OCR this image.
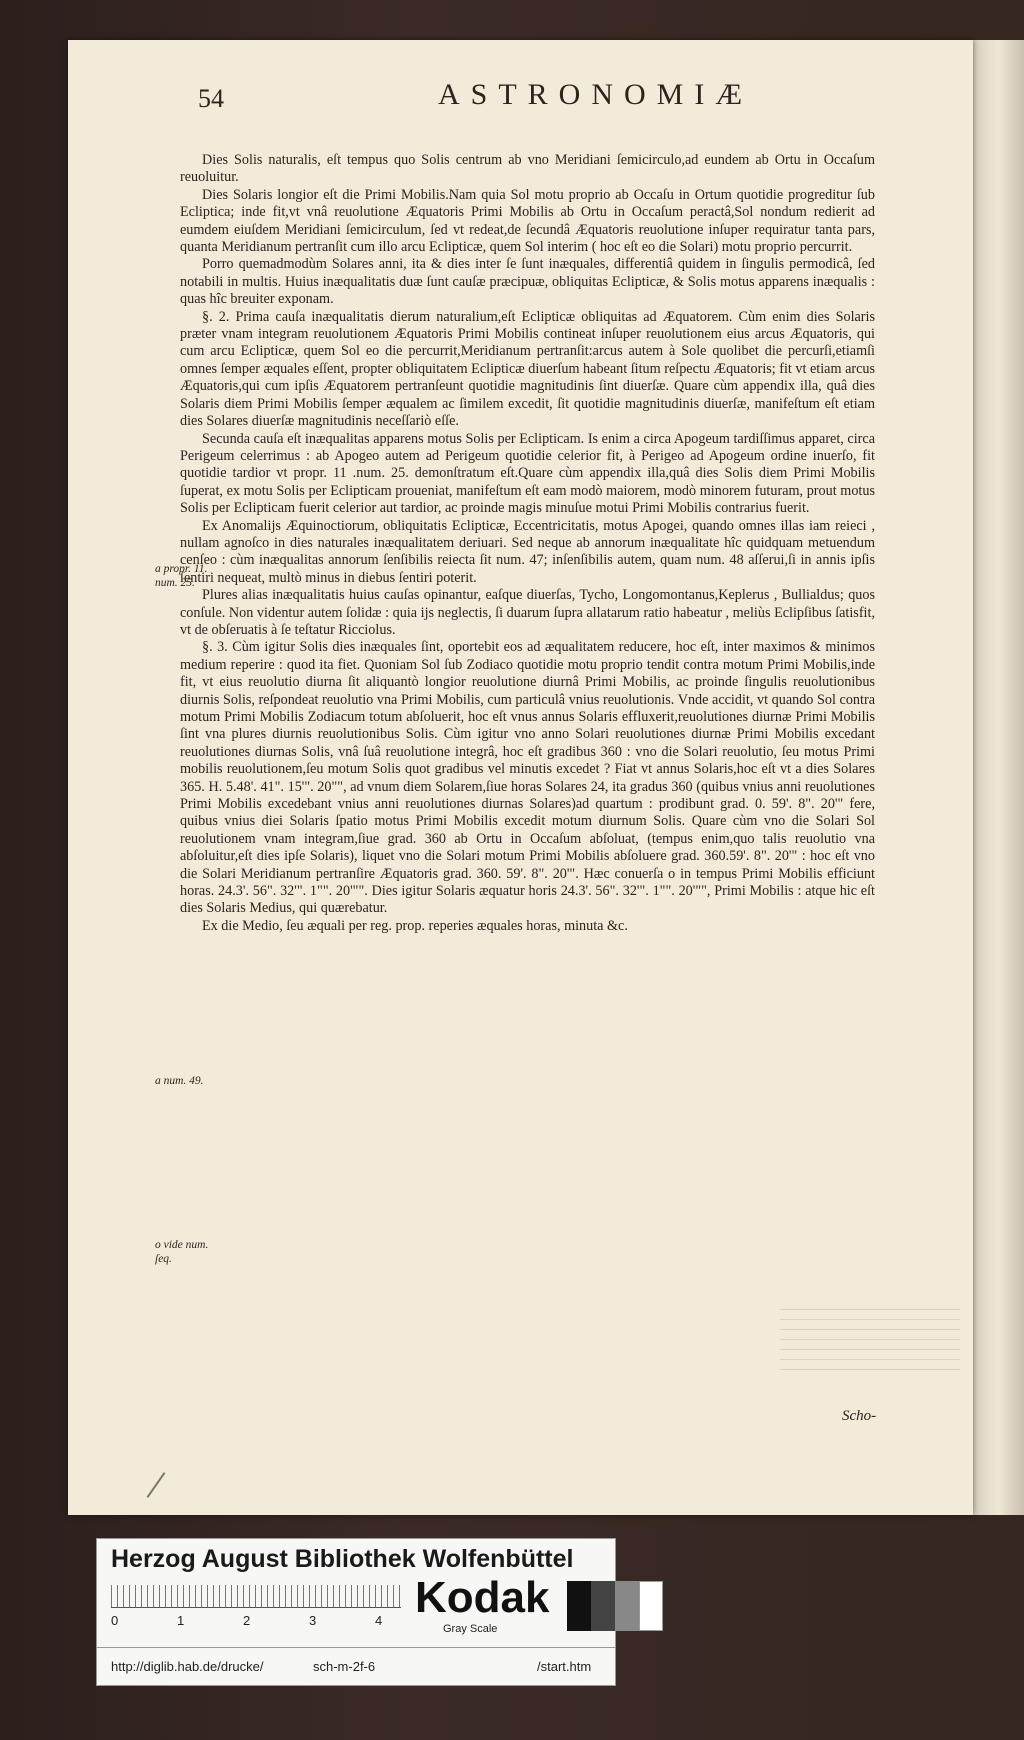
54	ASTRONOMIÆ

Dies Solis naturalis, eſt tempus quo Solis centrum ab vno Meridiani ſemicirculo,ad eundem ab Ortu in Occaſum reuoluitur.

Dies Solaris longior eſt die Primi Mobilis.Nam quia Sol motu proprio ab Occaſu in Ortum quotidie progreditur ſub Ecliptica; inde fit,vt vnâ reuolutione Æquatoris Primi Mobilis ab Ortu in Occaſum peractâ,Sol nondum redierit ad eumdem eiuſdem Meridiani ſemicirculum, ſed vt redeat,de ſecundâ Æquatoris reuolutione inſuper requiratur tanta pars, quanta Meridianum pertranſit cum illo arcu Eclipticæ, quem Sol interim ( hoc eſt eo die Solari) motu proprio percurrit.

Porro quemadmodùm Solares anni, ita & dies inter ſe ſunt inæquales, differentiâ quidem in ſingulis permodicâ, ſed notabili in multis. Huius inæqualitatis duæ ſunt cauſæ præcipuæ, obliquitas Eclipticæ, & Solis motus apparens inæqualis : quas hîc breuiter exponam.

§. 2. Prima cauſa inæqualitatis dierum naturalium,eſt Eclipticæ obliquitas ad Æquatorem. Cùm enim dies Solaris præter vnam integram reuolutionem Æquatoris Primi Mobilis contineat inſuper reuolutionem eius arcus Æquatoris, qui cum arcu Eclipticæ, quem Sol eo die percurrit,Meridianum pertranſit:arcus autem à Sole quolibet die percurſi,etiamſi omnes ſemper æquales eſſent, propter obliquitatem Eclipticæ diuerſum habeant ſitum reſpectu Æquatoris; fit vt etiam arcus Æquatoris,qui cum ipſis Æquatorem pertranſeunt quotidie magnitudinis ſint diuerſæ. Quare cùm appendix illa, quâ dies Solaris diem Primi Mobilis ſemper æqualem ac ſimilem excedit, ſit quotidie magnitudinis diuerſæ, manifeſtum eſt etiam dies Solares diuerſæ magnitudinis neceſſariò eſſe.

Secunda cauſa eſt inæqualitas apparens motus Solis per Eclipticam. Is enim a circa Apogeum tardiſſimus apparet, circa Perigeum celerrimus : ab Apogeo autem ad Perigeum quotidie celerior fit, à Perigeo ad Apogeum ordine inuerſo, fit quotidie tardior vt propr. 11 .num. 25. demonſtratum eſt.Quare cùm appendix illa,quâ dies Solis diem Primi Mobilis ſuperat, ex motu Solis per Eclipticam proueniat, manifeſtum eſt eam modò maiorem, modò minorem futuram, prout motus Solis per Eclipticam fuerit celerior aut tardior, ac proinde magis minuſue motui Primi Mobilis contrarius fuerit.

Ex Anomalijs Æquinoctiorum, obliquitatis Eclipticæ, Eccentricitatis, motus Apogei, quando omnes illas iam reieci , nullam agnoſco in dies naturales inæqualitatem deriuari. Sed neque ab annorum inæqualitate hîc quidquam metuendum cenſeo : cùm inæqualitas annorum ſenſibilis reiecta ſit num. 47; inſenſibilis autem, quam num. 48 aſſerui,ſi in annis ipſis ſentiri nequeat, multò minus in diebus ſentiri poterit.

Plures alias inæqualitatis huius cauſas opinantur, eaſque diuerſas, Tycho, Longomontanus,Keplerus , Bullialdus; quos conſule. Non videntur autem ſolidæ : quia ijs neglectis, ſi duarum ſupra allatarum ratio habeatur , meliùs Eclipſibus ſatisfit, vt de obſeruatis à ſe teſtatur Ricciolus.

§. 3. Cùm igitur Solis dies inæquales ſint, oportebit eos ad æqualitatem reducere, hoc eſt, inter maximos & minimos medium reperire : quod ita fiet. Quoniam Sol ſub Zodiaco quotidie motu proprio tendit contra motum Primi Mobilis,inde fit, vt eius reuolutio diurna ſit aliquantò longior reuolutione diurnâ Primi Mobilis, ac proinde ſingulis reuolutionibus diurnis Solis, reſpondeat reuolutio vna Primi Mobilis, cum particulâ vnius reuolutionis. Vnde accidit, vt quando Sol contra motum Primi Mobilis Zodiacum totum abſoluerit, hoc eſt vnus annus Solaris effluxerit,reuolutiones diurnæ Primi Mobilis ſint vna plures diurnis reuolutionibus Solis. Cùm igitur vno anno Solari reuolutiones diurnæ Primi Mobilis excedant reuolutiones diurnas Solis, vnâ ſuâ reuolutione integrâ, hoc eſt gradibus 360 : vno die Solari reuolutio, ſeu motus Primi mobilis reuolutionem,ſeu motum Solis quot gradibus vel minutis excedet ? Fiat vt annus Solaris,hoc eſt vt a dies Solares 365. H. 5.48'. 41". 15'". 20"", ad vnum diem Solarem,ſiue horas Solares 24, ita gradus 360 (quibus vnius anni reuolutiones Primi Mobilis excedebant vnius anni reuolutiones diurnas Solares)ad quartum : prodibunt grad. 0. 59'. 8". 20'" fere, quibus vnius diei Solaris ſpatio motus Primi Mobilis excedit motum diurnum Solis. Quare cùm vno die Solari Sol reuolutionem vnam integram,ſiue grad. 360 ab Ortu in Occaſum abſoluat, (tempus enim,quo talis reuolutio vna abſoluitur,eſt dies ipſe Solaris), liquet vno die Solari motum Primi Mobilis abſoluere grad. 360.59'. 8". 20'" : hoc eſt vno die Solari Meridianum pertranſire Æquatoris grad. 360. 59'. 8". 20'". Hæc conuerſa o in tempus Primi Mobilis efficiunt horas. 24.3'. 56". 32'". 1"". 20'"". Dies igitur Solaris æquatur horis 24.3'. 56". 32'". 1"". 20'"", Primi Mobilis : atque hic eſt dies Solaris Medius, qui quærebatur.

Ex die Medio, ſeu æquali per reg. prop. reperies æquales horas, minuta &c.

a propr. 11. num. 25.
a num. 49.
o vide num. ſeq.
Scho-
Herzog August Bibliothek Wolfenbüttel
0	1	2	3	4 Kodak
Gray Scale
http://diglib.hab.de/drucke/	sch-m-2f-6	/start.htm
